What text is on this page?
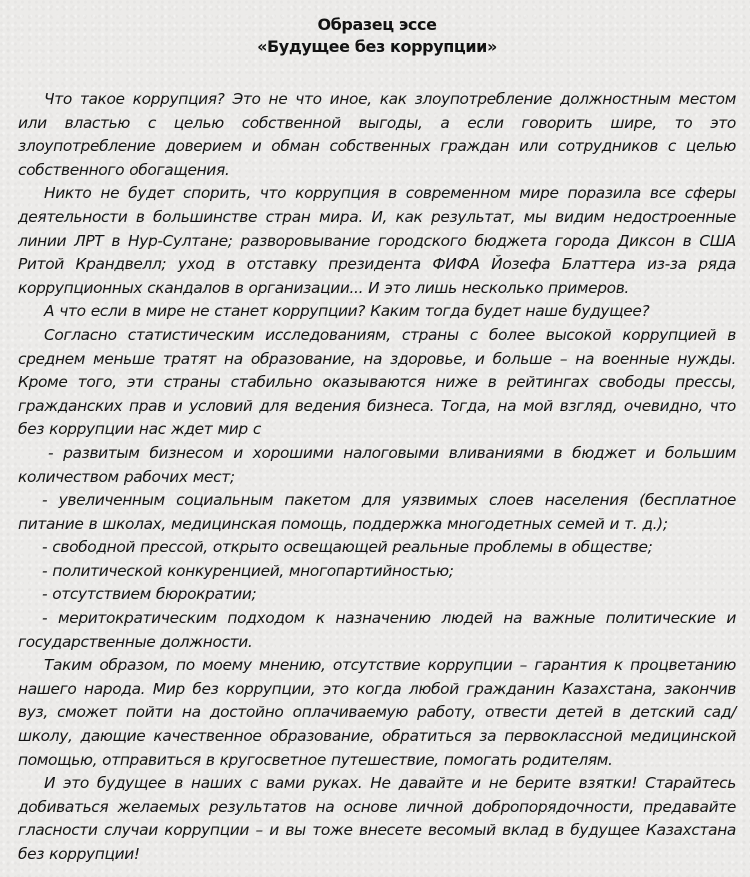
Образец эссе
«Будущее без коррупции»

Что такое коррупция? Это не что иное, как злоупотребление должностным местом или властью с целью собственной выгоды, а если говорить шире, то это злоупотребление доверием и обман собственных граждан или сотрудников с целью собственного обогащения.

Никто не будет спорить, что коррупция в современном мире поразила все сферы деятельности в большинстве стран мира. И, как результат, мы видим недостроенные линии ЛРТ в Нур-Султане; разворовывание городского бюджета города Диксон в США Ритой Крандвелл; уход в отставку президента ФИФА Йозефа Блаттера из-за ряда коррупционных скандалов в организации... И это лишь несколько примеров.

А что если в мире не станет коррупции? Каким тогда будет наше будущее?

Согласно статистическим исследованиям, страны с более высокой коррупцией в среднем меньше тратят на образование, на здоровье, и больше – на военные нужды. Кроме того, эти страны стабильно оказываются ниже в рейтингах свободы прессы, гражданских прав и условий для ведения бизнеса. Тогда, на мой взгляд, очевидно, что без коррупции нас ждет мир с

- развитым бизнесом и хорошими налоговыми вливаниями в бюджет и большим количеством рабочих мест;

- увеличенным социальным пакетом для уязвимых слоев населения (бесплатное питание в школах, медицинская помощь, поддержка многодетных семей и т. д.);

- свободной прессой, открыто освещающей реальные проблемы в обществе;

- политической конкуренцией, многопартийностью;

- отсутствием бюрократии;

- меритократическим подходом к назначению людей на важные политические и государственные должности.

Таким образом, по моему мнению, отсутствие коррупции – гарантия к процветанию нашего народа. Мир без коррупции, это когда любой гражданин Казахстана, закончив вуз, сможет пойти на достойно оплачиваемую работу, отвести детей в детский сад/школу, дающие качественное образование, обратиться за первоклассной медицинской помощью, отправиться в кругосветное путешествие, помогать родителям.

И это будущее в наших с вами руках. Не давайте и не берите взятки! Старайтесь добиваться желаемых результатов на основе личной добропорядочности, предавайте гласности случаи коррупции – и вы тоже внесете весомый вклад в будущее Казахстана без коррупции!
